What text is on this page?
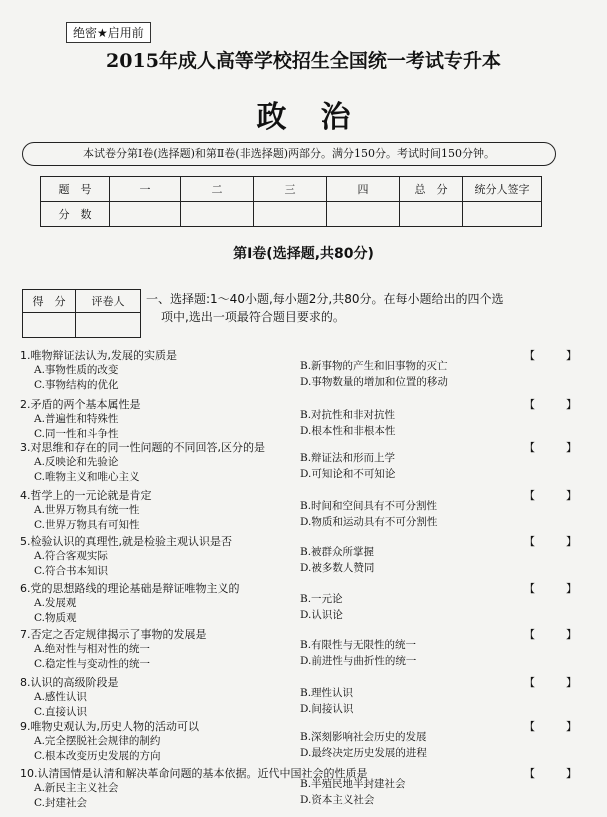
绝密★启用前
2015年成人高等学校招生全国统一考试专升本
政治
本试卷分第Ⅰ卷(选择题)和第Ⅱ卷(非选择题)两部分。满分150分。考试时间150分钟。
题　号	一	二	三	四	总　分	统分人签字
分　数						
第Ⅰ卷(选择题,共80分)
得　分	评卷人
	一、选择题:1～40小题,每小题2分,共80分。在每小题给出的四个选
项中,选出一项最符合题目要求的。
1.唯物辩证法认为,发展的实质是	【　】
A.事物性质的改变	B.新事物的产生和旧事物的灭亡
C.事物结构的优化	D.事物数量的增加和位置的移动
2.矛盾的两个基本属性是	【　】
A.普遍性和特殊性	B.对抗性和非对抗性
C.同一性和斗争性	D.根本性和非根本性
3.对思维和存在的同一性问题的不同回答,区分的是	【　】
A.反映论和先验论	B.辩证法和形而上学
C.唯物主义和唯心主义	D.可知论和不可知论
4.哲学上的一元论就是肯定	【　】
A.世界万物具有统一性	B.时间和空间具有不可分割性
C.世界万物具有可知性	D.物质和运动具有不可分割性
5.检验认识的真理性,就是检验主观认识是否	【　】
A.符合客观实际	B.被群众所掌握
C.符合书本知识	D.被多数人赞同
6.党的思想路线的理论基础是辩证唯物主义的	【　】
A.发展观	B.一元论
C.物质观	D.认识论
7.否定之否定规律揭示了事物的发展是	【　】
A.绝对性与相对性的统一	B.有限性与无限性的统一
C.稳定性与变动性的统一	D.前进性与曲折性的统一
8.认识的高级阶段是	【　】
A.感性认识	B.理性认识
C.直接认识	D.间接认识
9.唯物史观认为,历史人物的活动可以	【　】
A.完全摆脱社会规律的制约	B.深刻影响社会历史的发展
C.根本改变历史发展的方向	D.最终决定历史发展的进程
10.认清国情是认清和解决革命问题的基本依据。近代中国社会的性质是	【　】
A.新民主主义社会	B.半殖民地半封建社会
C.封建社会	D.资本主义社会
